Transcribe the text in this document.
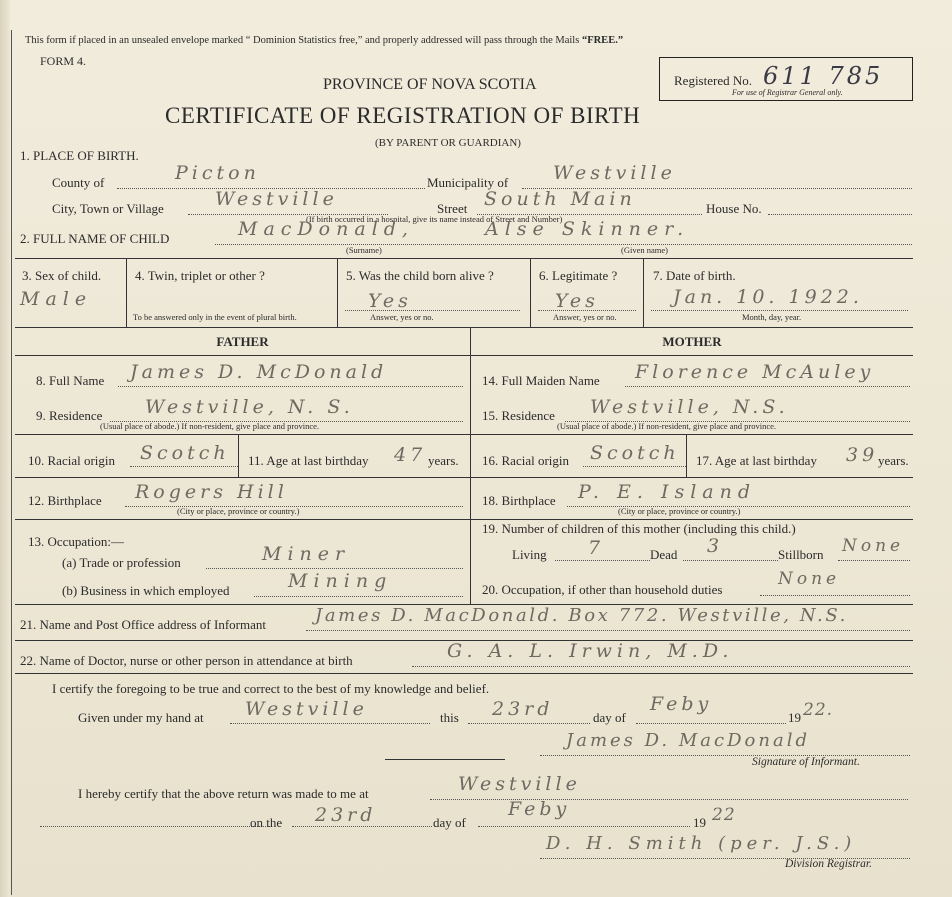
This form if placed in an unsealed envelope marked “ Dominion Statistics free,” and properly addressed will pass through the Mails “FREE.”
FORM 4.
PROVINCE OF NOVA SCOTIA
CERTIFICATE OF REGISTRATION OF BIRTH
(BY PARENT OR GUARDIAN)
Registered No. 611 785
For use of Registrar General only.
1. PLACE OF BIRTH.
County of	Picton	Municipality of Westville
City, Town or Village	Westville	Street South Main	House No.
(If birth occurred in a hospital, give its name instead of Street and Number)
2. FULL NAME OF CHILD	MacDonald,	Alse Skinner.
(Surname)	(Given name)
3. Sex of child.
Male
4. Twin, triplet or other ?
To be answered only in the event of plural birth.
5. Was the child born alive ?
Yes
Answer, yes or no.
6. Legitimate ?
Yes
Answer, yes or no.
7. Date of birth.
Jan. 10. 1922.
Month, day, year.
FATHER	MOTHER
8. Full Name James D. McDonald
9. Residence Westville, N. S.
(Usual place of abode.) If non-resident, give place and province.
10. Racial origin Scotch 11. Age at last birthday 47 years.
12. Birthplace Rogers Hill
(City or place, province or country.)
13. Occupation:—
(a) Trade or profession	Miner
(b) Business in which employed	Mining
14. Full Maiden Name Florence McAuley
15. Residence Westville, N.S.
(Usual place of abode.) If non-resident, give place and province.
16. Racial origin Scotch 17. Age at last birthday 39 years.
18. Birthplace P. E. Island
(City or place, province or country.)
19. Number of children of this mother (including this child.)
Living 7	Dead 3	Stillborn None
20. Occupation, if other than household duties
None
21. Name and Post Office address of Informant	James D. MacDonald. Box 772. Westville, N.S.
22. Name of Doctor, nurse or other person in attendance at birth	G. A. L. Irwin, M.D.
I certify the foregoing to be true and correct to the best of my knowledge and belief.
Given under my hand at Westville	this 23rd	day of
Feby
19 22.
James D. MacDonald
Signature of Informant.
I hereby certify that the above return was made to me at	Westville
on the 23rd	day of
Feby
19 22
D. H. Smith (per. J.S.)
Division Registrar.
